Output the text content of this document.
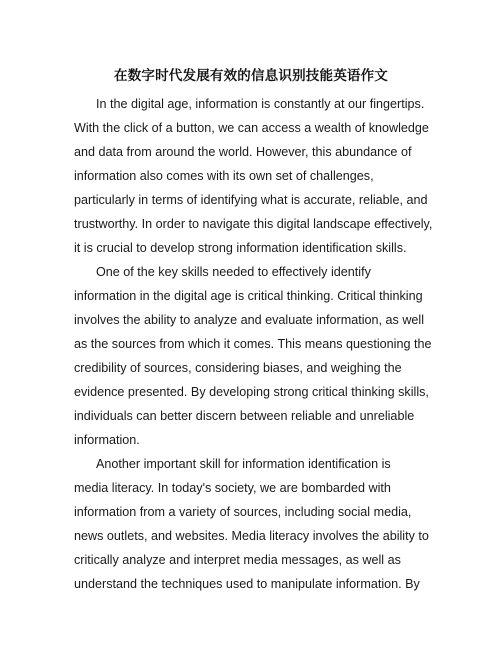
在数字时代发展有效的信息识别技能英语作文

In the digital age, information is constantly at our fingertips.

With the click of a button, we can access a wealth of knowledge

and data from around the world. However, this abundance of

information also comes with its own set of challenges,

particularly in terms of identifying what is accurate, reliable, and

trustworthy. In order to navigate this digital landscape effectively,

it is crucial to develop strong information identification skills.

One of the key skills needed to effectively identify

information in the digital age is critical thinking. Critical thinking

involves the ability to analyze and evaluate information, as well

as the sources from which it comes. This means questioning the

credibility of sources, considering biases, and weighing the

evidence presented. By developing strong critical thinking skills,

individuals can better discern between reliable and unreliable

information.

Another important skill for information identification is

media literacy. In today's society, we are bombarded with

information from a variety of sources, including social media,

news outlets, and websites. Media literacy involves the ability to

critically analyze and interpret media messages, as well as

understand the techniques used to manipulate information. By
